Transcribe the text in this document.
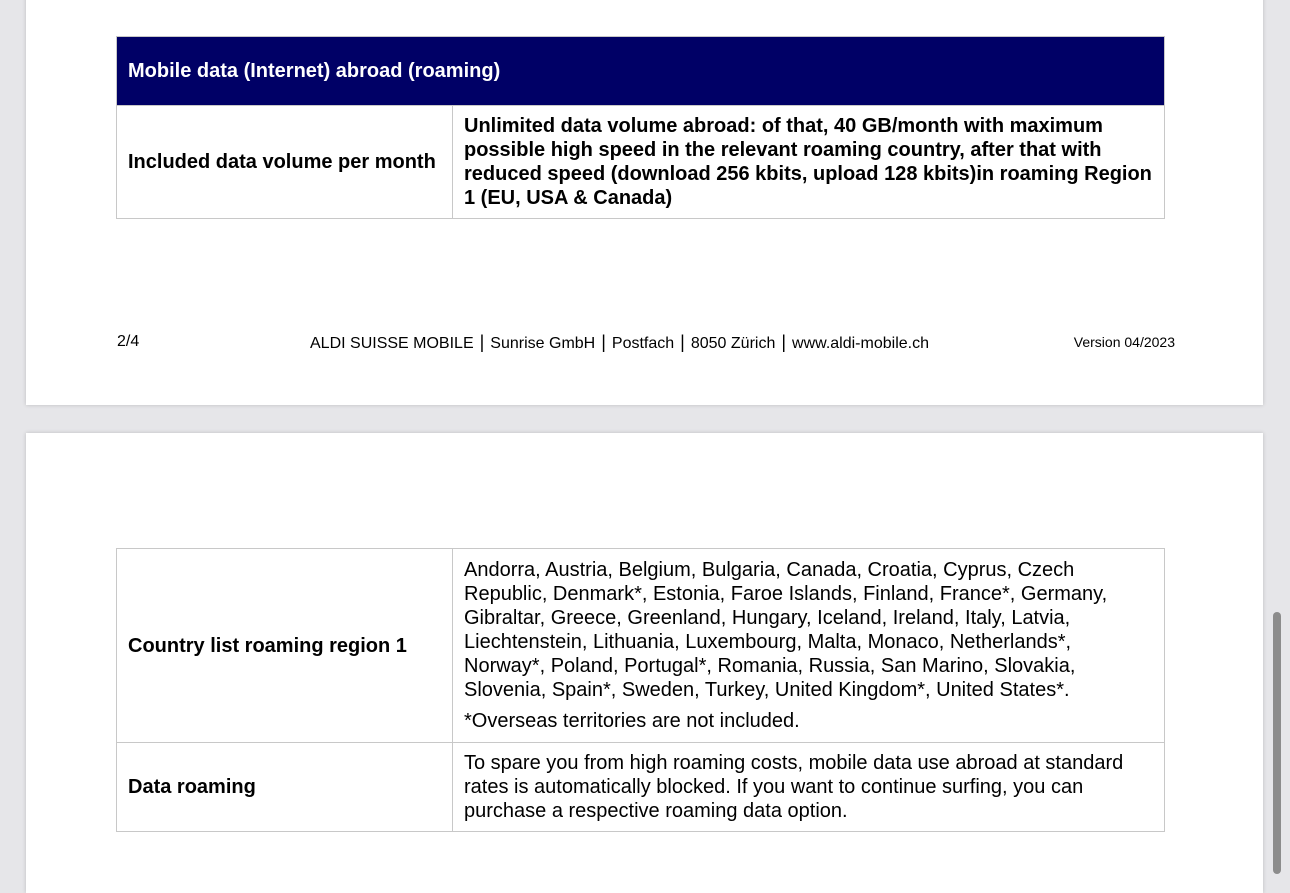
Mobile data (Internet) abroad (roaming)
Included data volume per month	Unlimited data volume abroad: of that, 40 GB/month with maximum possible high speed in the relevant roaming country, after that with reduced speed (download 256 kbits, upload 128 kbits)in roaming Region 1 (EU, USA & Canada)
2/4	ALDI SUISSE MOBILE | Sunrise GmbH | Postfach | 8050 Zürich | www.aldi-mobile.ch	Version 04/2023
Country list roaming region 1	Andorra, Austria, Belgium, Bulgaria, Canada, Croatia, Cyprus, Czech Republic, Denmark*, Estonia, Faroe Islands, Finland, France*, Germany, Gibraltar, Greece, Greenland, Hungary, Iceland, Ireland, Italy, Latvia, Liechtenstein, Lithuania, Luxembourg, Malta, Monaco, Netherlands*, Norway*, Poland, Portugal*, Romania, Russia, San Marino, Slovakia, Slovenia, Spain*, Sweden, Turkey, United Kingdom*, United States*.
*Overseas territories are not included.

Data roaming	To spare you from high roaming costs, mobile data use abroad at standard rates is automatically blocked. If you want to continue surfing, you can purchase a respective roaming data option.
